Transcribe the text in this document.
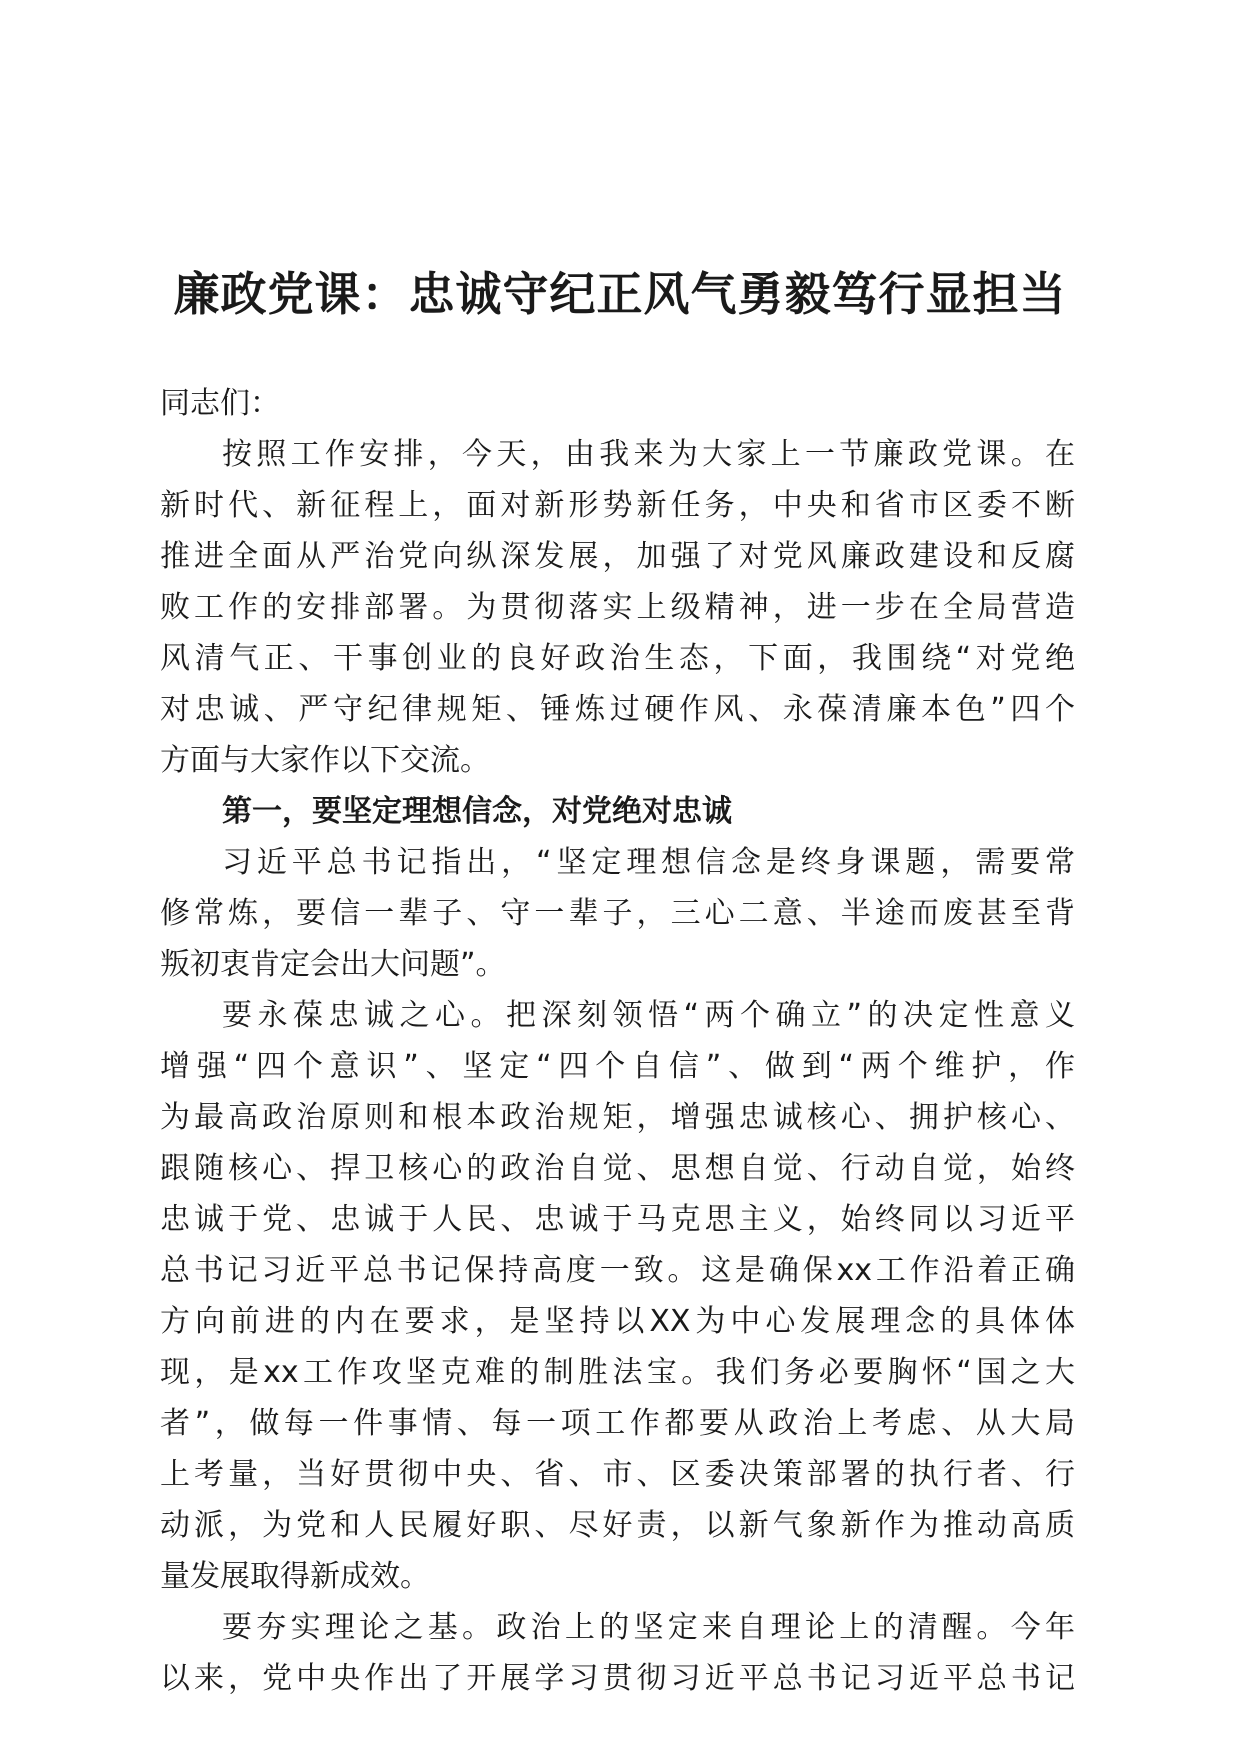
廉政党课：忠诚守纪正风气勇毅笃行显担当
同志们：
按照工作安排，今天，由我来为大家上一节廉政党课。在
新时代、新征程上，面对新形势新任务，中央和省市区委不断
推进全面从严治党向纵深发展，加强了对党风廉政建设和反腐
败工作的安排部署。为贯彻落实上级精神，进一步在全局营造
风清气正、干事创业的良好政治生态，下面，我围绕“对党绝
对忠诚、严守纪律规矩、锤炼过硬作风、永葆清廉本色”四个
方面与大家作以下交流。
第一，要坚定理想信念，对党绝对忠诚
习近平总书记指出，“坚定理想信念是终身课题，需要常
修常炼，要信一辈子、守一辈子，三心二意、半途而废甚至背
叛初衷肯定会出大问题”。
要永葆忠诚之心。把深刻领悟“两个确立”的决定性意义
增强“四个意识”、坚定“四个自信”、做到“两个维护，作
为最高政治原则和根本政治规矩，增强忠诚核心、拥护核心、
跟随核心、捍卫核心的政治自觉、思想自觉、行动自觉，始终
忠诚于党、忠诚于人民、忠诚于马克思主义，始终同以习近平
总书记习近平总书记保持高度一致。这是确保xx工作沿着正确
方向前进的内在要求，是坚持以XX为中心发展理念的具体体
现，是xx工作攻坚克难的制胜法宝。我们务必要胸怀“国之大
者”，做每一件事情、每一项工作都要从政治上考虑、从大局
上考量，当好贯彻中央、省、市、区委决策部署的执行者、行
动派，为党和人民履好职、尽好责，以新气象新作为推动高质
量发展取得新成效。
要夯实理论之基。政治上的坚定来自理论上的清醒。今年
以来，党中央作出了开展学习贯彻习近平总书记习近平总书记
